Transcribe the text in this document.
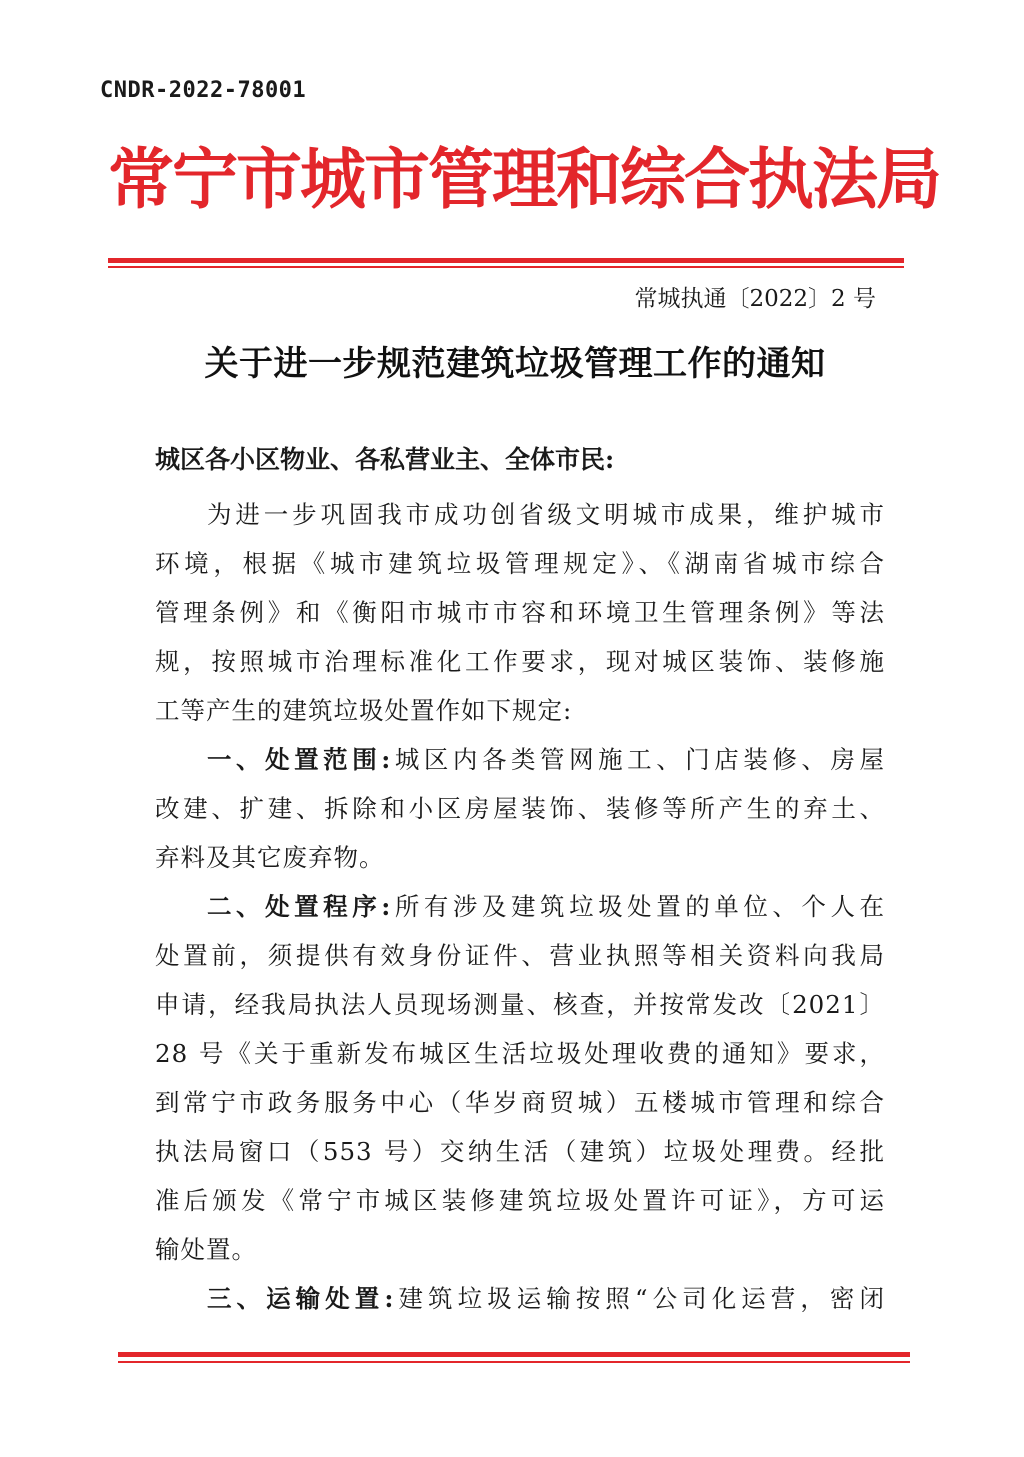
CNDR-2022-78001
常宁市城市管理和综合执法局
常城执通〔2022〕2 号
关于进一步规范建筑垃圾管理工作的通知
城区各小区物业、各私营业主、全体市民:
为进一步巩固我市成功创省级文明城市成果，维护城市
环境，根据《城市建筑垃圾管理规定》、《湖南省城市综合
管理条例》和《衡阳市城市市容和环境卫生管理条例》等法
规，按照城市治理标准化工作要求，现对城区装饰、装修施
工等产生的建筑垃圾处置作如下规定:
一、处置范围:城区内各类管网施工、门店装修、房屋
改建、扩建、拆除和小区房屋装饰、装修等所产生的弃土、
弃料及其它废弃物。
二、处置程序:所有涉及建筑垃圾处置的单位、个人在
处置前，须提供有效身份证件、营业执照等相关资料向我局
申请，经我局执法人员现场测量、核查，并按常发改〔2021〕
28 号《关于重新发布城区生活垃圾处理收费的通知》要求，
到常宁市政务服务中心（华岁商贸城）五楼城市管理和综合
执法局窗口（553 号）交纳生活（建筑）垃圾处理费。经批
准后颁发《常宁市城区装修建筑垃圾处置许可证》，方可运
输处置。
三、运输处置:建筑垃圾运输按照“公司化运营，密闭
